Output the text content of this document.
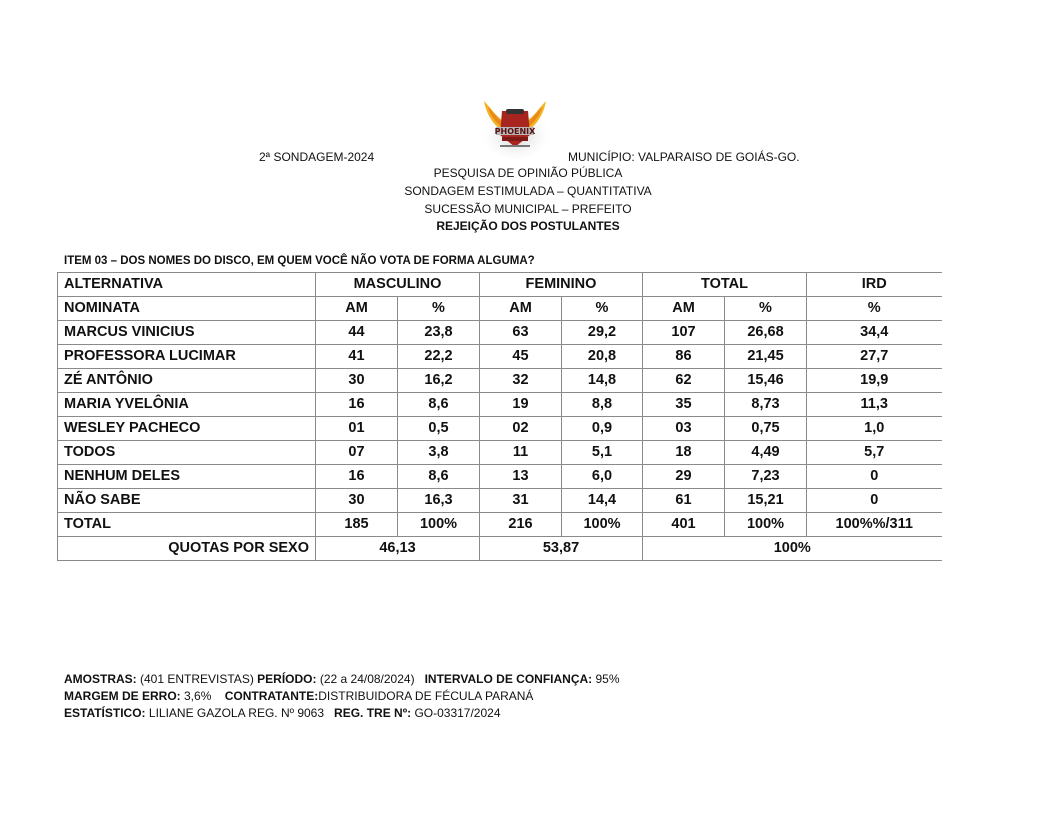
PHOENIX
2ª SONDAGEM-2024	MUNICÍPIO: VALPARAISO DE GOIÁS-GO.
PESQUISA DE OPINIÃO PÚBLICA
SONDAGEM ESTIMULADA – QUANTITATIVA
SUCESSÃO MUNICIPAL – PREFEITO
REJEIÇÃO DOS POSTULANTES
ITEM 03 – DOS NOMES DO DISCO, EM QUEM VOCÊ NÃO VOTA DE FORMA ALGUMA?
ALTERNATIVA	MASCULINO		FEMININO		TOTAL		IRD
NOMINATA	AM	%	AM	%	AM	%	%
MARCUS VINICIUS	44	23,8	63	29,2	107	26,68	34,4
PROFESSORA LUCIMAR	41	22,2	45	20,8	86	21,45	27,7
ZÉ ANTÔNIO	30	16,2	32	14,8	62	15,46	19,9
MARIA YVELÔNIA	16	8,6	19	8,8	35	8,73	11,3
WESLEY PACHECO	01	0,5	02	0,9	03	0,75	1,0
TODOS	07	3,8	11	5,1	18	4,49	5,7
NENHUM DELES	16	8,6	13	6,0	29	7,23	0
NÃO SABE	30	16,3	31	14,4	61	15,21	0
TOTAL	185	100%	216	100%	401	100%	100%%/311
QUOTAS POR SEXO	46,13		53,87		100%		
AMOSTRAS: (401 ENTREVISTAS) PERÍODO: (22 a 24/08/2024) INTERVALO DE CONFIANÇA: 95%
MARGEM DE ERRO: 3,6% CONTRATANTE:DISTRIBUIDORA DE FÉCULA PARANÁ
ESTATÍSTICO: LILIANE GAZOLA REG. Nº 9063 REG. TRE Nº: GO-03317/2024
